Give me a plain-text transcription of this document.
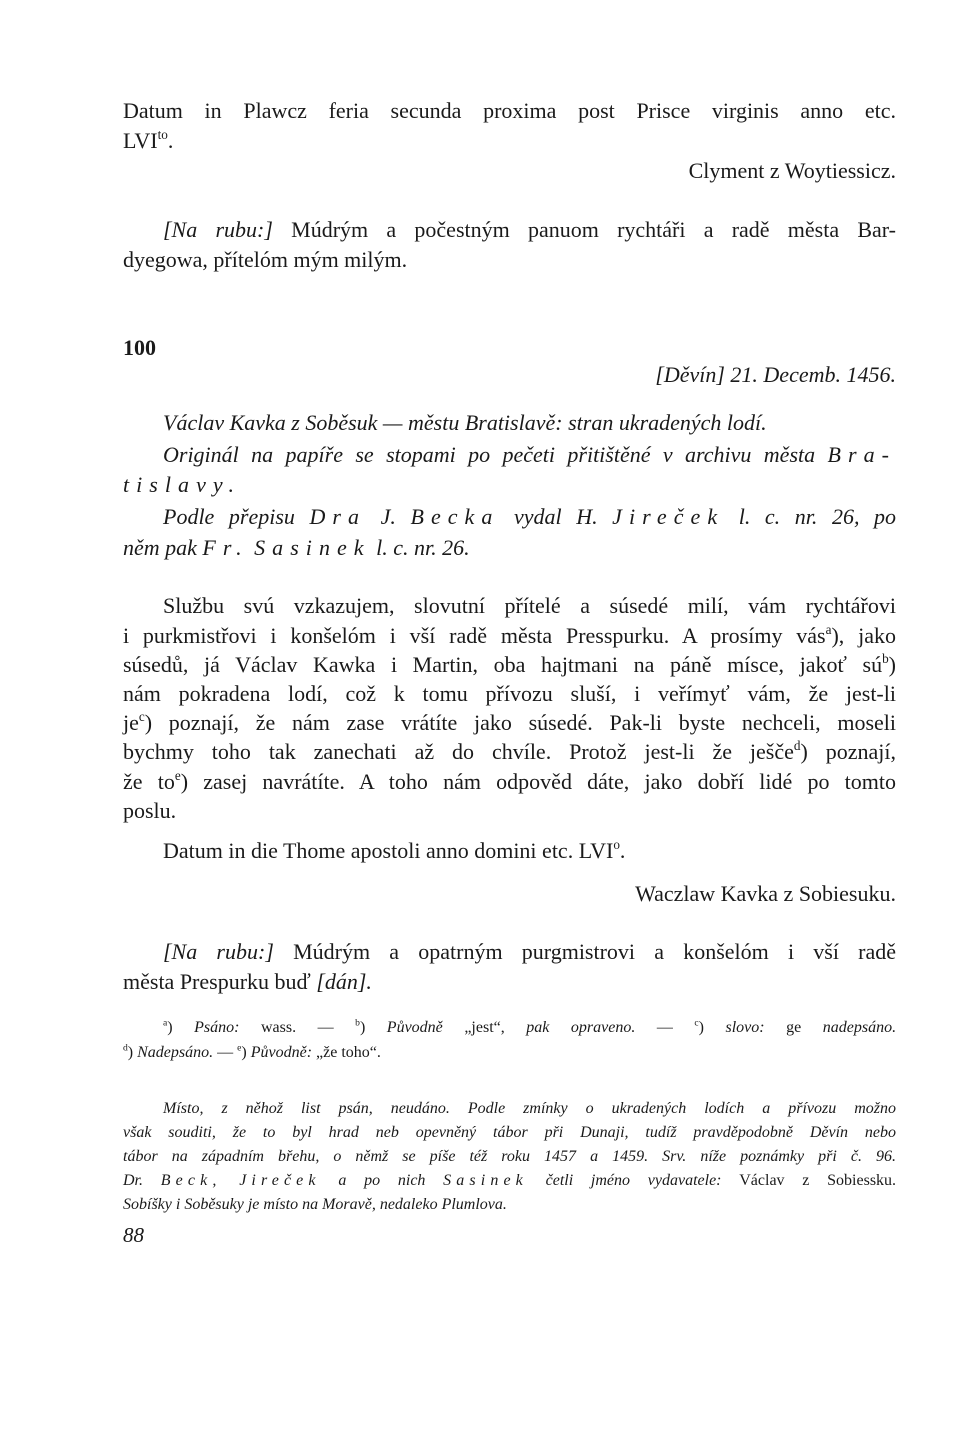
Datum in Plawcz feria secunda proxima post Prisce virginis anno etc.
$LVI^{to}$.
Clyment z Woytiessicz.
[Na rubu:] Múdrým a počestným panuom rychtáři a radě města Bar-
dyegowa, přítelóm mým milým.
100
[Děvín] 21. Decemb. 1456.
Václav Kavka z Soběsuk — městu Bratislavě: stran ukradených lodí.
Originál na papíře se stopami po pečeti přitištěné v archivu města Bra-
tislavy.
Podle přepisu Dra J. Becka vydal H. Jireček l. c. nr. 26, po
něm pak Fr. Sasinek l. c. nr. 26.
Službu svú vzkazujem, slovutní přítelé a súsedé milí, vám rychtářovi
i purkmistřovi i konšelóm i vší radě města Presspurku. A prosímy vás$^a$), jako
súsedů, já Václav Kawka i Martin, oba hajtmani na páně mísce, jakoť $sú^b$)
nám pokradena lodí, což k tomu přívozu sluší, i veřímyť vám, že jest-li
$je^c$) poznají, že nám zase vrátíte jako súsedé. Pak-li byste nechceli, moseli
bychmy toho tak zanechati až do chvíle. Protož jest-li že ješče$^d$) poznají,
že $to^e$) zasej navrátíte. A toho nám odpověd dáte, jako dobří lidé po tomto
poslu.
Datum in die Thome apostoli anno domini etc. LVI$^o$.
Waczlaw Kavka z Sobiesuku.
[Na rubu:] Múdrým a opatrným purgmistrovi a konšelóm i vší radě
města Prespurku buď [dán].
$^a$) Psáno: wass. — $^b$) Původně „jest“, pak opraveno. — $^c$) slovo: ge nadepsáno.
$^d$) Nadepsáno. — $^e$) Původně: „že toho“.
Místo, z něhož list psán, neudáno. Podle zmínky o ukradených lodích a přívozu možno
však souditi, že to byl hrad neb opevněný tábor při Dunaji, tudíž pravděpodobně Děvín nebo
tábor na západním břehu, o němž se píše též roku 1457 a 1459. Srv. níže poznámky při č. 96.
Dr. Beck, Jireček a po nich Sasinek četli jméno vydavatele: Václav z Sobiessku.
Sobíšky i Soběsuky je místo na Moravě, nedaleko Plumlova.
88
